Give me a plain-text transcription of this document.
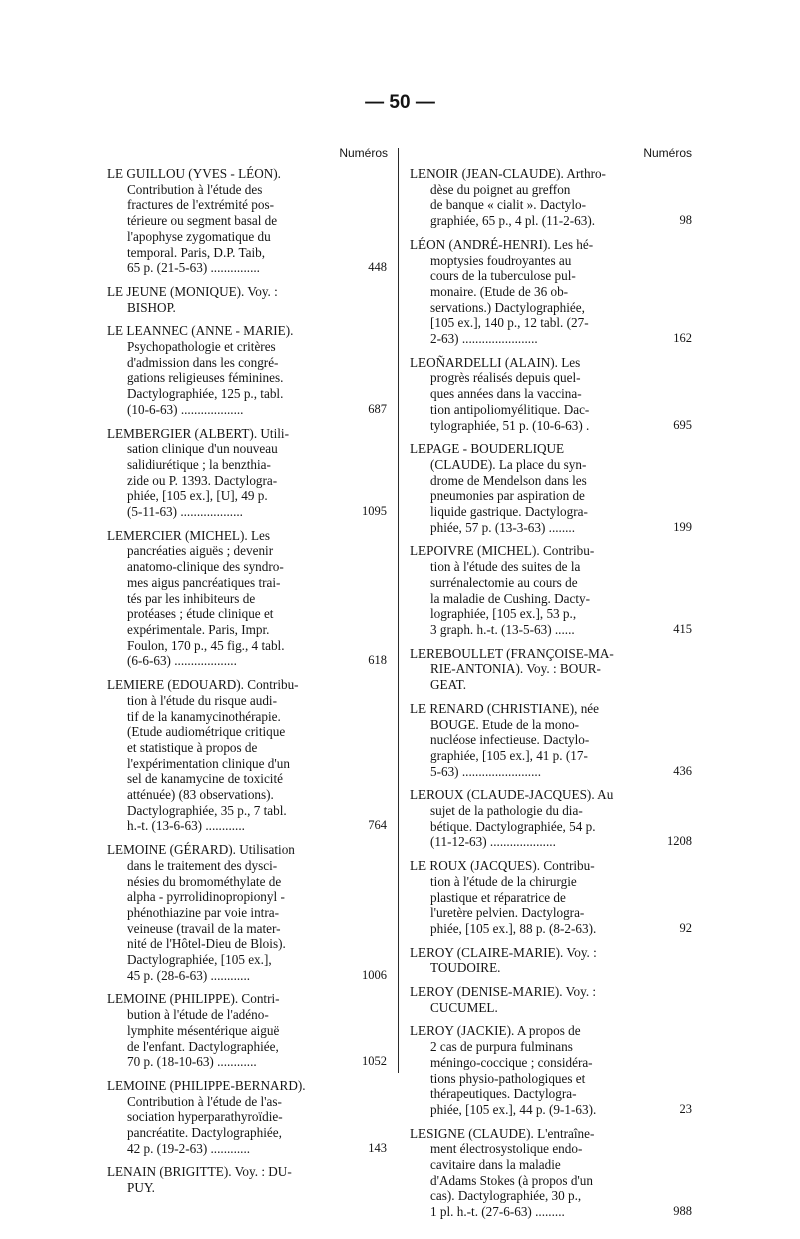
— 50 —
Numéros
LE GUILLOU (YVES - LÉON).
Contribution à l'étude des
fractures de l'extrémité pos-
térieure ou segment basal de
l'apophyse zygomatique du
temporal. Paris, D.P. Taib,
65 p. (21-5-63) ...............	448
LE JEUNE (MONIQUE). Voy. :
BISHOP.
LE LEANNEC (ANNE - MARIE).
Psychopathologie et critères
d'admission dans les congré-
gations religieuses féminines.
Dactylographiée, 125 p., tabl.
(10-6-63) ...................	687
LEMBERGIER (ALBERT). Utili-
sation clinique d'un nouveau
salidiurétique ; la benzthia-
zide ou P. 1393. Dactylogra-
phiée, [105 ex.], [U], 49 p.
(5-11-63) ...................	1095
LEMERCIER (MICHEL). Les
pancréaties aiguës ; devenir
anatomo-clinique des syndro-
mes aigus pancréatiques trai-
tés par les inhibiteurs de
protéases ; étude clinique et
expérimentale. Paris, Impr.
Foulon, 170 p., 45 fig., 4 tabl.
(6-6-63) ...................	618
LEMIERE (EDOUARD). Contribu-
tion à l'étude du risque audi-
tif de la kanamycinothérapie.
(Etude audiométrique critique
et statistique à propos de
l'expérimentation clinique d'un
sel de kanamycine de toxicité
atténuée) (83 observations).
Dactylographiée, 35 p., 7 tabl.
h.-t. (13-6-63) ............	764
LEMOINE (GÉRARD). Utilisation
dans le traitement des dysci-
nésies du bromométhylate de
alpha - pyrrolidinopropionyl -
phénothiazine par voie intra-
veineuse (travail de la mater-
nité de l'Hôtel-Dieu de Blois).
Dactylographiée, [105 ex.],
45 p. (28-6-63) ............	1006
LEMOINE (PHILIPPE). Contri-
bution à l'étude de l'adéno-
lymphite mésentérique aiguë
de l'enfant. Dactylographiée,
70 p. (18-10-63) ............	1052
LEMOINE (PHILIPPE-BERNARD).
Contribution à l'étude de l'as-
sociation hyperparathyroïdie-
pancréatite. Dactylographiée,
42 p. (19-2-63) ............	143
LENAIN (BRIGITTE). Voy. : DU-
PUY.
Numéros
LENOIR (JEAN-CLAUDE). Arthro-
dèse du poignet au greffon
de banque « cialit ». Dactylo-
graphiée, 65 p., 4 pl. (11-2-63).	98
LÉON (ANDRÉ-HENRI). Les hé-
moptysies foudroyantes au
cours de la tuberculose pul-
monaire. (Etude de 36 ob-
servations.) Dactylographiée,
[105 ex.], 140 p., 12 tabl. (27-
2-63) .......................	162
LEOÑARDELLI (ALAIN). Les
progrès réalisés depuis quel-
ques années dans la vaccina-
tion antipoliomyélitique. Dac-
tylographiée, 51 p. (10-6-63) .	695
LEPAGE - BOUDERLIQUE
(CLAUDE). La place du syn-
drome de Mendelson dans les
pneumonies par aspiration de
liquide gastrique. Dactylogra-
phiée, 57 p. (13-3-63) ........	199
LEPOIVRE (MICHEL). Contribu-
tion à l'étude des suites de la
surrénalectomie au cours de
la maladie de Cushing. Dacty-
lographiée, [105 ex.], 53 p.,
3 graph. h.-t. (13-5-63) ......	415
LEREBOULLET (FRANÇOISE-MA-
RIE-ANTONIA). Voy. : BOUR-
GEAT.
LE RENARD (CHRISTIANE), née
BOUGE. Etude de la mono-
nucléose infectieuse. Dactylo-
graphiée, [105 ex.], 41 p. (17-
5-63) ........................	436
LEROUX (CLAUDE-JACQUES). Au
sujet de la pathologie du dia-
bétique. Dactylographiée, 54 p.
(11-12-63) ....................	1208
LE ROUX (JACQUES). Contribu-
tion à l'étude de la chirurgie
plastique et réparatrice de
l'uretère pelvien. Dactylogra-
phiée, [105 ex.], 88 p. (8-2-63).	92
LEROY (CLAIRE-MARIE). Voy. :
TOUDOIRE.
LEROY (DENISE-MARIE). Voy. :
CUCUMEL.
LEROY (JACKIE). A propos de
2 cas de purpura fulminans
méningo-coccique ; considéra-
tions physio-pathologiques et
thérapeutiques. Dactylogra-
phiée, [105 ex.], 44 p. (9-1-63).	23
LESIGNE (CLAUDE). L'entraîne-
ment électrosystolique endo-
cavitaire dans la maladie
d'Adams Stokes (à propos d'un
cas). Dactylographiée, 30 p.,
1 pl. h.-t. (27-6-63) .........	988
